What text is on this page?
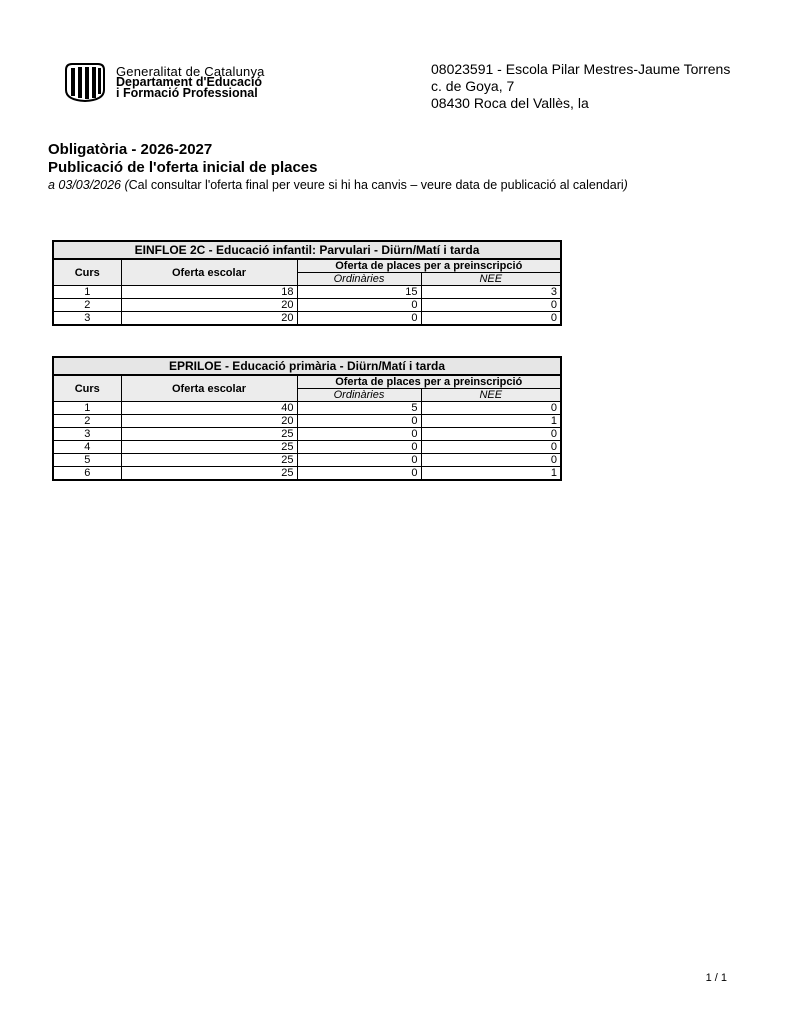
Generalitat de Catalunya
Departament d'Educació
i Formació Professional
08023591 - Escola Pilar Mestres-Jaume Torrens
c. de Goya, 7
08430 Roca del Vallès, la
Obligatòria - 2026-2027
Publicació de l'oferta inicial de places
a 03/03/2026 (Cal consultar l'oferta final per veure si hi ha canvis – veure data de publicació al calendari)
EINFLOE 2C - Educació infantil: Parvulari - Diürn/Matí i tarda			
Curs	Oferta escolar	Oferta de places per a preinscripció	
		Ordinàries	NEE
1	18	15	3
2	20	0	0
3	20	0	0
EPRILOE - Educació primària - Diürn/Matí i tarda			
Curs	Oferta escolar	Oferta de places per a preinscripció	
		Ordinàries	NEE
1	40	5	0
2	20	0	1
3	25	0	0
4	25	0	0
5	25	0	0
6	25	0	1
1 / 1
